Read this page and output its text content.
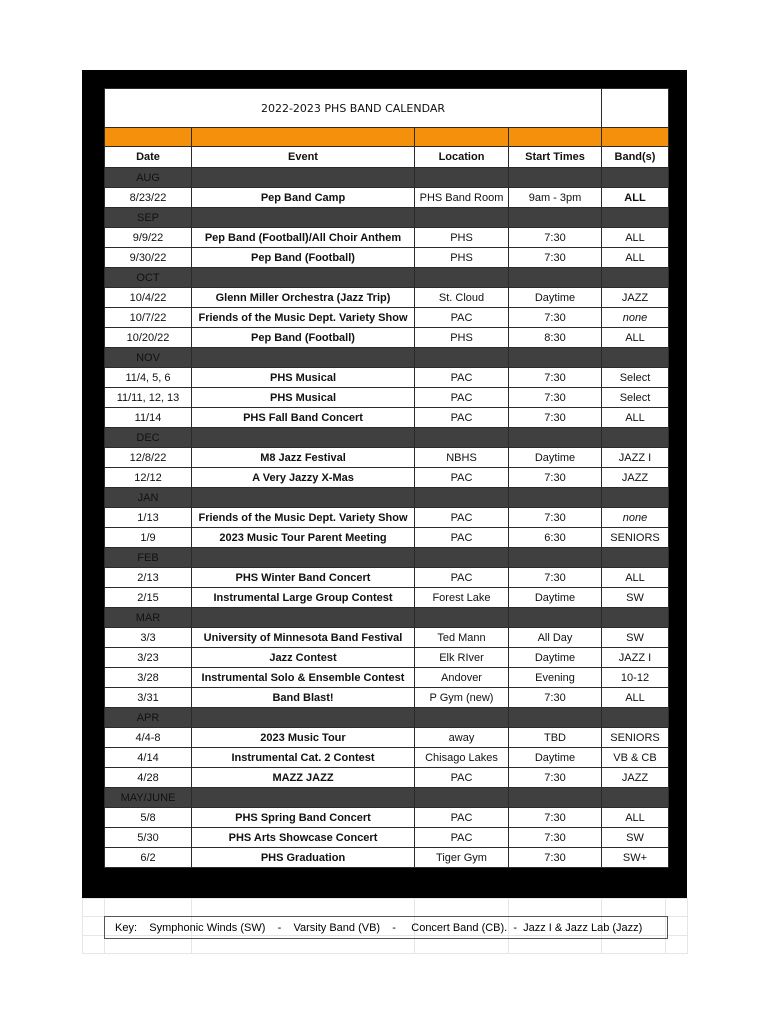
2022-2023 PHS BAND CALENDAR				

Date	Event	Location	Start Times	Band(s)
AUG				
8/23/22	Pep Band Camp	PHS Band Room	9am - 3pm	ALL
SEP				
9/9/22	Pep Band (Football)/All Choir Anthem	PHS	7:30	ALL
9/30/22	Pep Band (Football)	PHS	7:30	ALL
OCT				
10/4/22	Glenn Miller Orchestra (Jazz Trip)	St. Cloud	Daytime	JAZZ
10/7/22	Friends of the Music Dept. Variety Show	PAC	7:30	none
10/20/22	Pep Band (Football)	PHS	8:30	ALL
NOV				
11/4, 5, 6	PHS Musical	PAC	7:30	Select
11/11, 12, 13	PHS Musical	PAC	7:30	Select
11/14	PHS Fall Band Concert	PAC	7:30	ALL
DEC				
12/8/22	M8 Jazz Festival	NBHS	Daytime	JAZZ I
12/12	A Very Jazzy X-Mas	PAC	7:30	JAZZ
JAN				
1/13	Friends of the Music Dept. Variety Show	PAC	7:30	none
1/9	2023 Music Tour Parent Meeting	PAC	6:30	SENIORS
FEB				
2/13	PHS Winter Band Concert	PAC	7:30	ALL
2/15	Instrumental Large Group Contest	Forest Lake	Daytime	SW
MAR				
3/3	University of Minnesota Band Festival	Ted Mann	All Day	SW
3/23	Jazz Contest	Elk RIver	Daytime	JAZZ I
3/28	Instrumental Solo & Ensemble Contest	Andover	Evening	10-12
3/31	Band Blast!	P Gym (new)	7:30	ALL
APR				
4/4-8	2023 Music Tour	away	TBD	SENIORS
4/14	Instrumental Cat. 2 Contest	Chisago Lakes	Daytime	VB & CB
4/28	MAZZ JAZZ	PAC	7:30	JAZZ
MAY/JUNE				
5/8	PHS Spring Band Concert	PAC	7:30	ALL
5/30	PHS Arts Showcase Concert	PAC	7:30	SW
6/2	PHS Graduation	Tiger Gym	7:30	SW+
Key:    Symphonic Winds (SW)    -    Varsity Band (VB)    -     Concert Band (CB).  -  Jazz I & Jazz Lab (Jazz)
